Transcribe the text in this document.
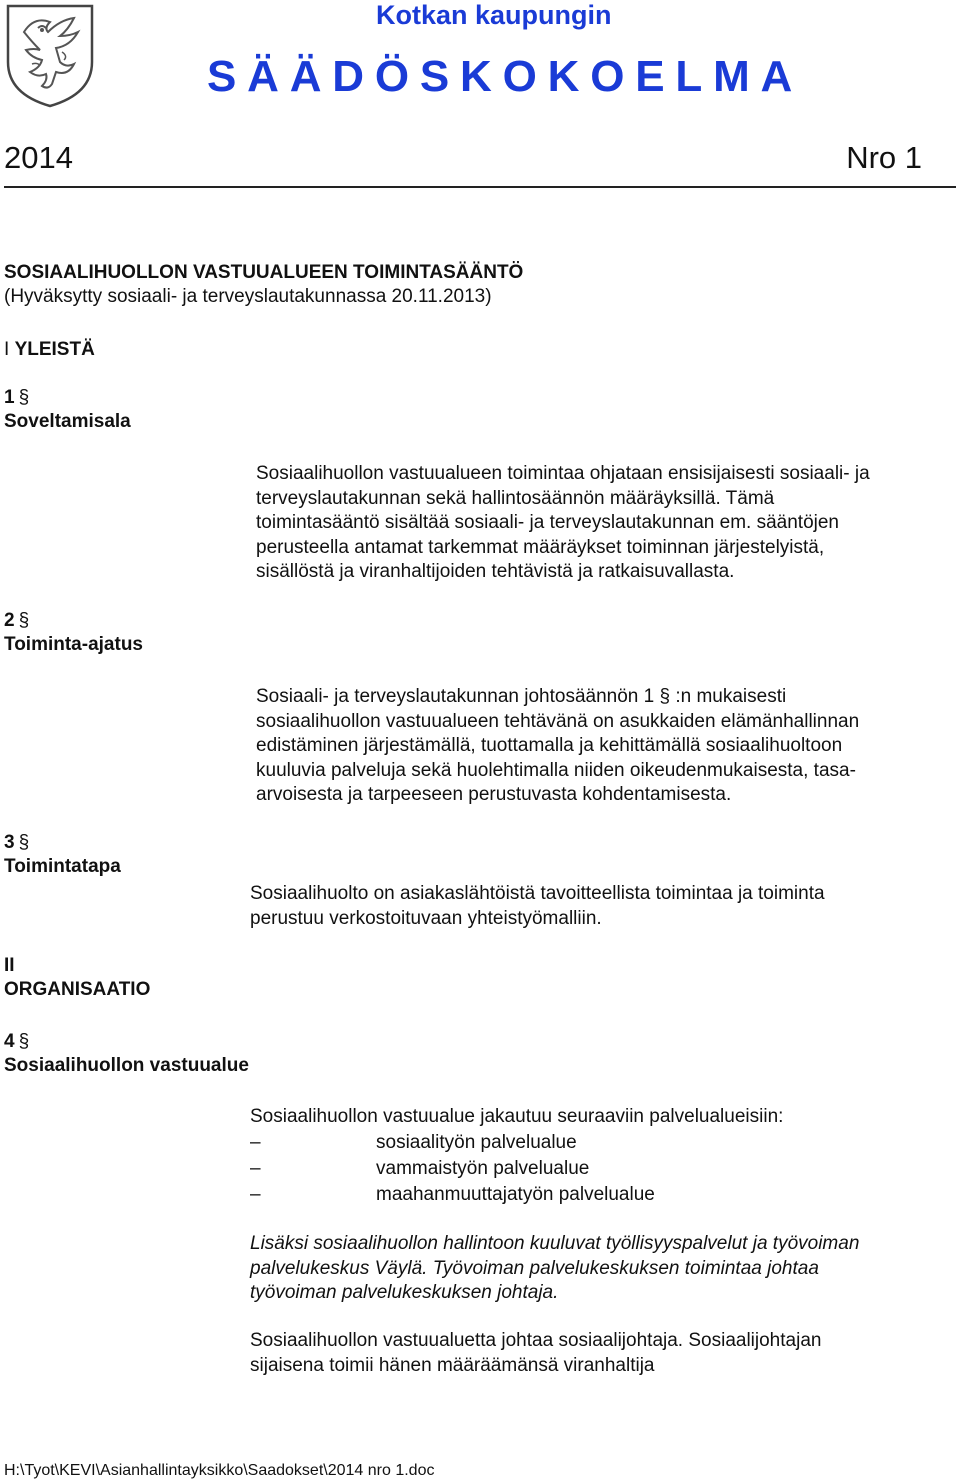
Kotkan kaupungin
SÄÄDÖSKOKOELMA
2014	Nro 1
SOSIAALIHUOLLON VASTUUALUEEN TOIMINTASÄÄNTÖ
(Hyväksytty sosiaali- ja terveyslautakunnassa 20.11.2013)
I YLEISTÄ
1 §
Soveltamisala
Sosiaalihuollon vastuualueen toimintaa ohjataan ensisijaisesti sosiaali- ja
terveyslautakunnan sekä hallintosäännön määräyksillä. Tämä
toimintasääntö sisältää sosiaali- ja terveyslautakunnan em. sääntöjen
perusteella antamat tarkemmat määräykset toiminnan järjestelyistä,
sisällöstä ja viranhaltijoiden tehtävistä ja ratkaisuvallasta.
2 §
Toiminta-ajatus
Sosiaali- ja terveyslautakunnan johtosäännön 1 § :n mukaisesti
sosiaalihuollon vastuualueen tehtävänä on asukkaiden elämänhallinnan
edistäminen järjestämällä, tuottamalla ja kehittämällä sosiaalihuoltoon
kuuluvia palveluja sekä huolehtimalla niiden oikeudenmukaisesta, tasa-
arvoisesta ja tarpeeseen perustuvasta kohdentamisesta.
3 §
Toimintatapa
Sosiaalihuolto on asiakaslähtöistä tavoitteellista toimintaa ja toiminta
perustuu verkostoituvaan yhteistyömalliin.
II
ORGANISAATIO
4 §
Sosiaalihuollon vastuualue
Sosiaalihuollon vastuualue jakautuu seuraaviin palvelualueisiin:
–	sosiaalityön palvelualue
–	vammaistyön palvelualue
–	maahanmuuttajatyön palvelualue
Lisäksi sosiaalihuollon hallintoon kuuluvat työllisyyspalvelut ja työvoiman
palvelukeskus Väylä. Työvoiman palvelukeskuksen toimintaa johtaa
työvoiman palvelukeskuksen johtaja.
Sosiaalihuollon vastuualuetta johtaa sosiaalijohtaja. Sosiaalijohtajan
sijaisena toimii hänen määräämänsä viranhaltija
H:\Tyot\KEVI\Asianhallintayksikko\Saadokset\2014 nro 1.doc
